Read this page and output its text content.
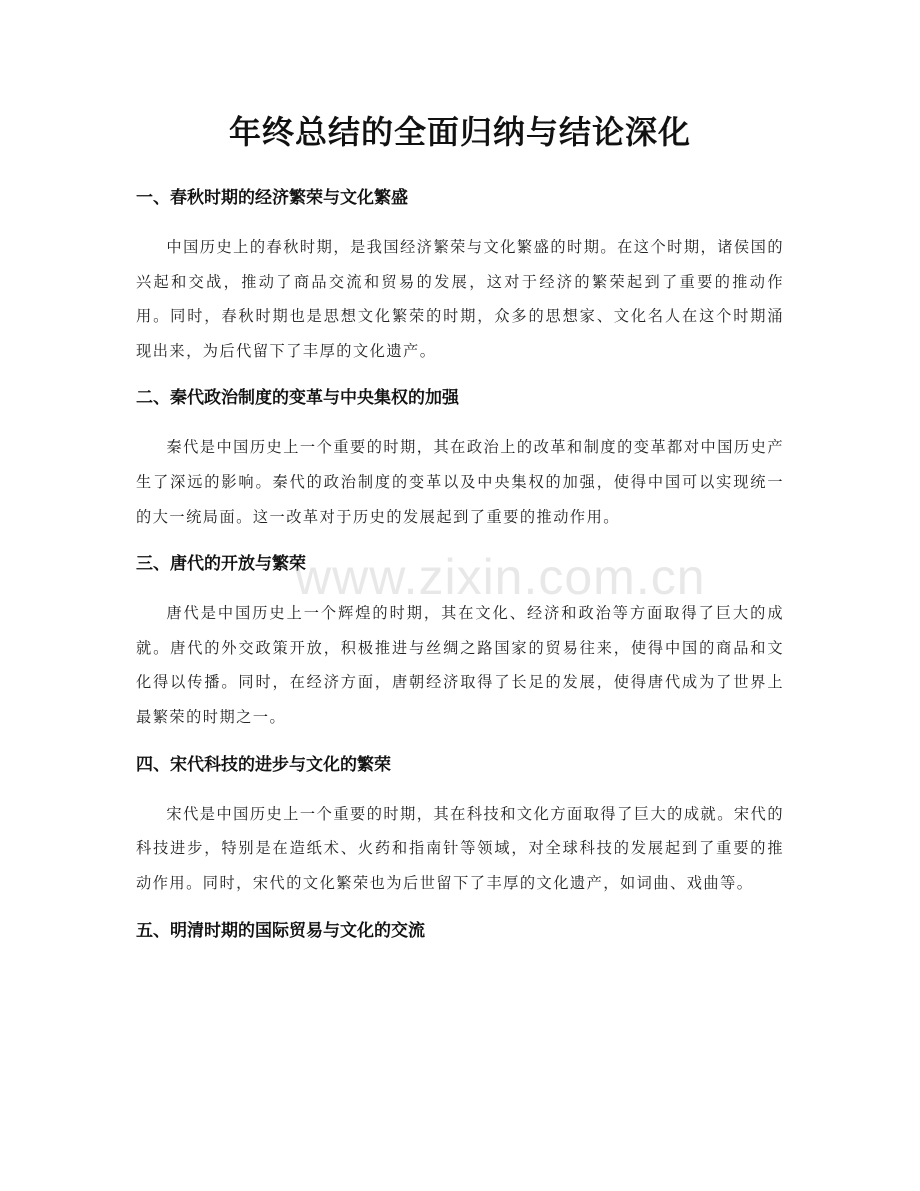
年终总结的全面归纳与结论深化
一、春秋时期的经济繁荣与文化繁盛

中国历史上的春秋时期，是我国经济繁荣与文化繁盛的时期。在这个时期，诸侯国的兴起和交战，推动了商品交流和贸易的发展，这对于经济的繁荣起到了重要的推动作用。同时，春秋时期也是思想文化繁荣的时期，众多的思想家、文化名人在这个时期涌现出来，为后代留下了丰厚的文化遗产。

二、秦代政治制度的变革与中央集权的加强

秦代是中国历史上一个重要的时期，其在政治上的改革和制度的变革都对中国历史产生了深远的影响。秦代的政治制度的变革以及中央集权的加强，使得中国可以实现统一的大一统局面。这一改革对于历史的发展起到了重要的推动作用。

三、唐代的开放与繁荣

唐代是中国历史上一个辉煌的时期，其在文化、经济和政治等方面取得了巨大的成就。唐代的外交政策开放，积极推进与丝绸之路国家的贸易往来，使得中国的商品和文化得以传播。同时，在经济方面，唐朝经济取得了长足的发展，使得唐代成为了世界上最繁荣的时期之一。

四、宋代科技的进步与文化的繁荣

宋代是中国历史上一个重要的时期，其在科技和文化方面取得了巨大的成就。宋代的科技进步，特别是在造纸术、火药和指南针等领域，对全球科技的发展起到了重要的推动作用。同时，宋代的文化繁荣也为后世留下了丰厚的文化遗产，如词曲、戏曲等。

五、明清时期的国际贸易与文化的交流
www.zixin.com.cn
